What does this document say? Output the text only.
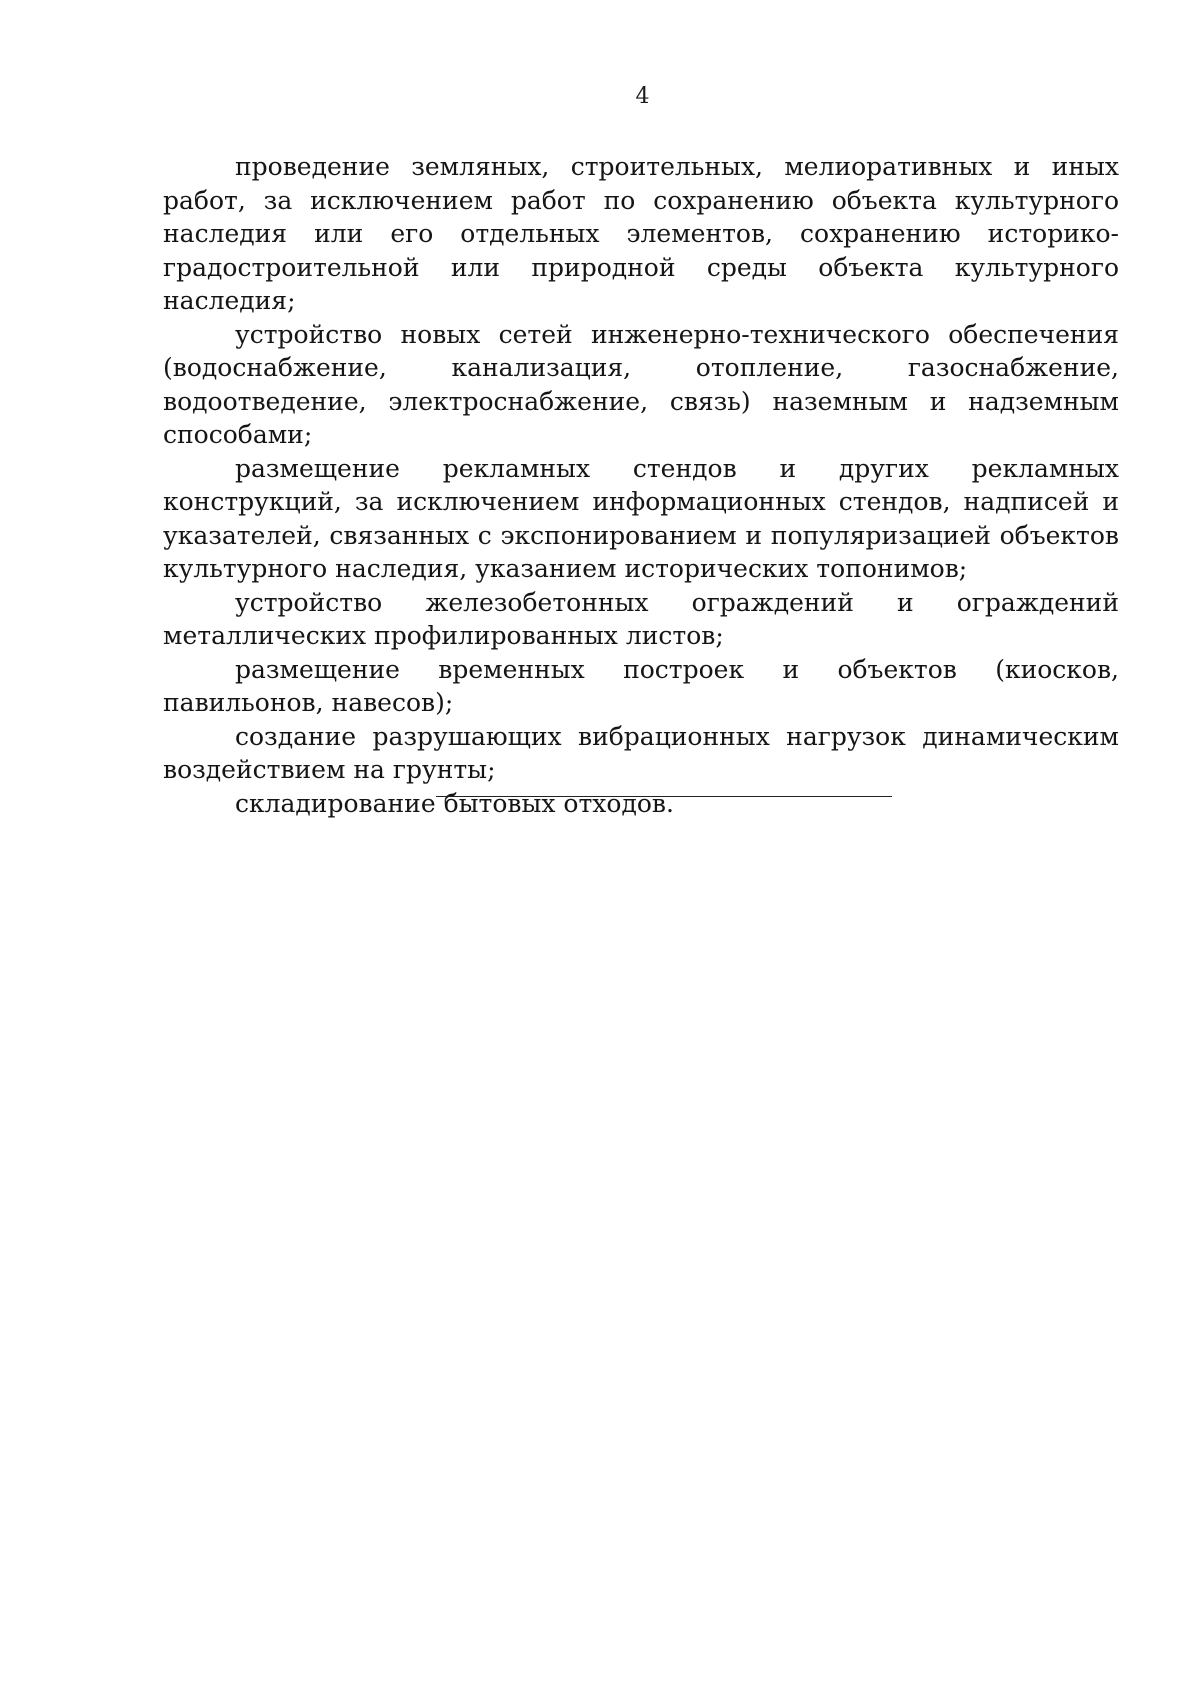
4

проведение земляных, строительных, мелиоративных и иных работ, за исключением работ по сохранению объекта культурного наследия или его отдельных элементов, сохранению историко-градостроительной или природной среды объекта культурного наследия;

устройство новых сетей инженерно-технического обеспечения (водоснабжение, канализация, отопление, газоснабжение, водоотведение, электроснабжение, связь) наземным и надземным способами;

размещение рекламных стендов и других рекламных конструкций, за исключением информационных стендов, надписей и указателей, связанных с экспонированием и популяризацией объектов культурного наследия, указанием исторических топонимов;

устройство железобетонных ограждений и ограждений металлических профилированных листов;

размещение временных построек и объектов (киосков, павильонов, навесов);

создание разрушающих вибрационных нагрузок динамическим воздействием на грунты;

складирование бытовых отходов.
